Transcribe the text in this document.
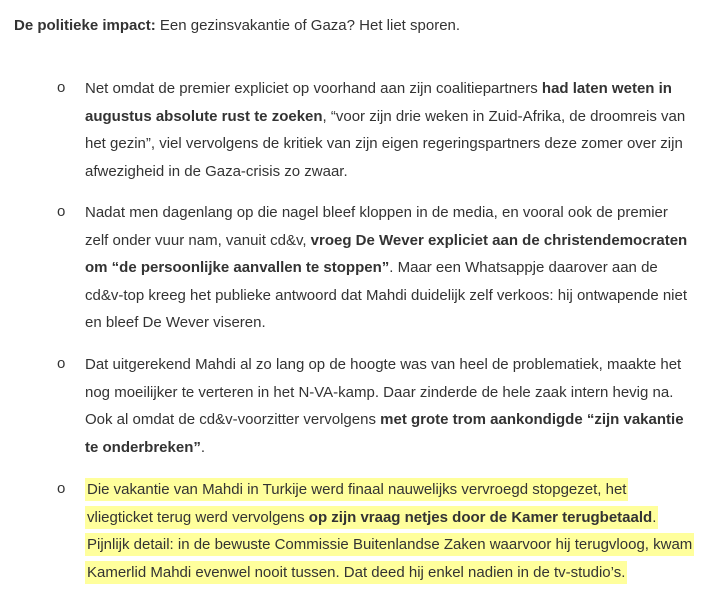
De politieke impact: Een gezinsvakantie of Gaza? Het liet sporen.

o Net omdat de premier expliciet op voorhand aan zijn coalitiepartners had laten weten in augustus absolute rust te zoeken, “voor zijn drie weken in Zuid-Afrika, de droomreis van het gezin”, viel vervolgens de kritiek van zijn eigen regeringspartners deze zomer over zijn afwezigheid in de Gaza-crisis zo zwaar.
o Nadat men dagenlang op die nagel bleef kloppen in de media, en vooral ook de premier zelf onder vuur nam, vanuit cd&v, vroeg De Wever expliciet aan de christendemocraten om “de persoonlijke aanvallen te stoppen”. Maar een Whatsappje daarover aan de cd&v-top kreeg het publieke antwoord dat Mahdi duidelijk zelf verkoos: hij ontwapende niet en bleef De Wever viseren.
o Dat uitgerekend Mahdi al zo lang op de hoogte was van heel de problematiek, maakte het nog moeilijker te verteren in het N-VA-kamp. Daar zinderde de hele zaak intern hevig na. Ook al omdat de cd&v-voorzitter vervolgens met grote trom aankondigde “zijn vakantie te onderbreken”.
o Die vakantie van Mahdi in Turkije werd finaal nauwelijks vervroegd stopgezet, het vliegticket terug werd vervolgens op zijn vraag netjes door de Kamer terugbetaald. Pijnlijk detail: in de bewuste Commissie Buitenlandse Zaken waarvoor hij terugvloog, kwam Kamerlid Mahdi evenwel nooit tussen. Dat deed hij enkel nadien in de tv-studio’s.
